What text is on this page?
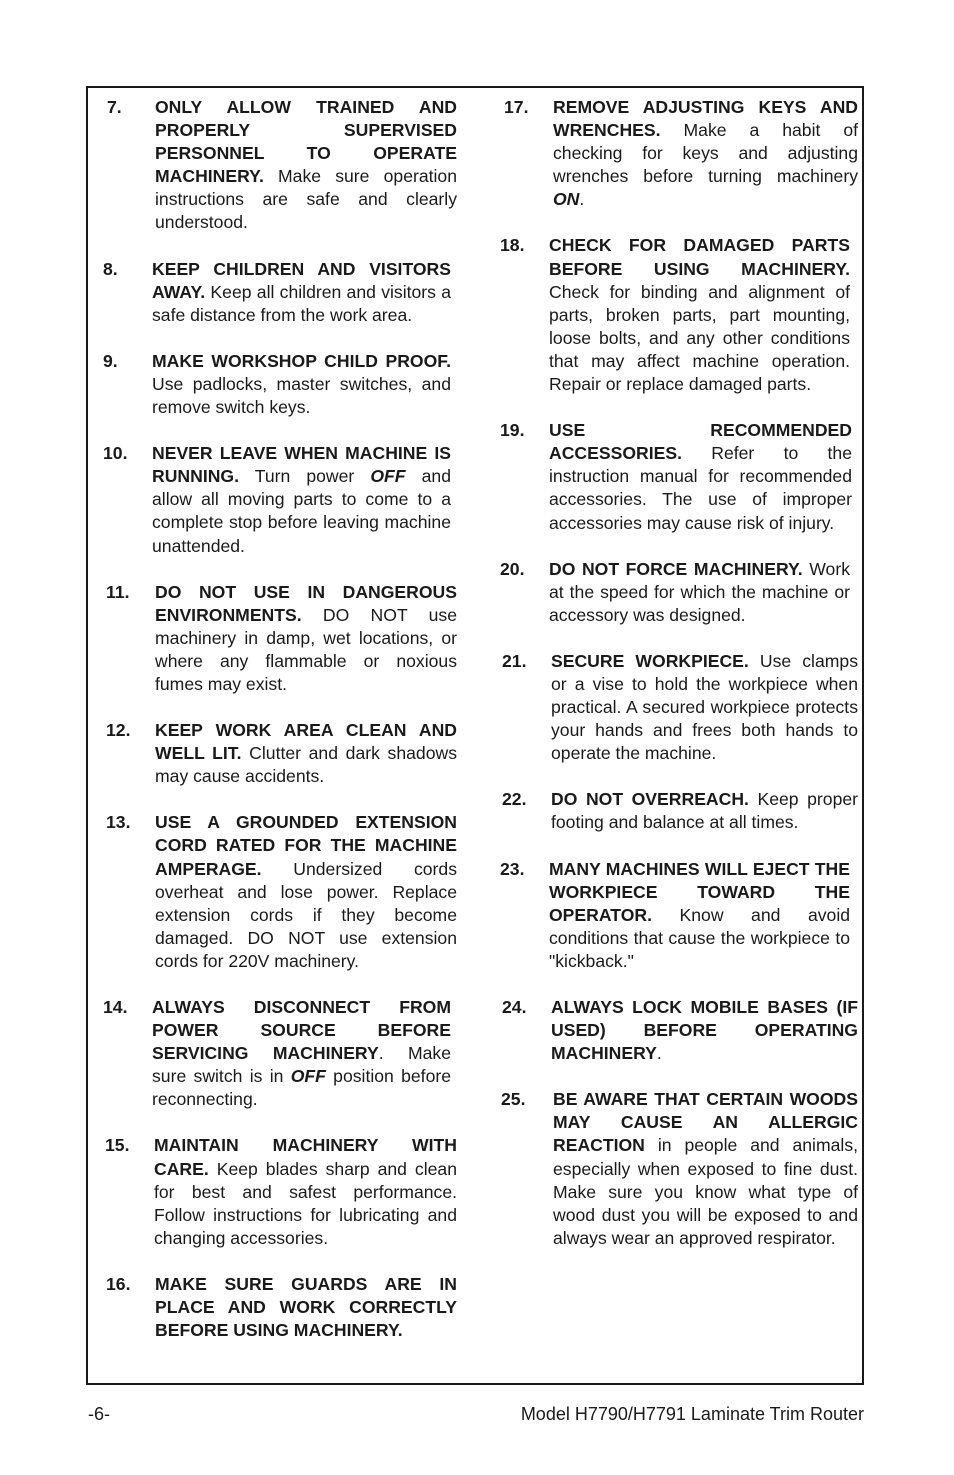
7. ONLY ALLOW TRAINED AND PROPERLY SUPERVISED PERSONNEL TO OPERATE MACHINERY. Make sure operation instructions are safe and clearly understood.
8. KEEP CHILDREN AND VISITORS AWAY. Keep all children and visitors a safe distance from the work area.
9. MAKE WORKSHOP CHILD PROOF. Use padlocks, master switches, and remove switch keys.
10. NEVER LEAVE WHEN MACHINE IS RUNNING. Turn power OFF and allow all moving parts to come to a complete stop before leaving machine unattended.
11. DO NOT USE IN DANGEROUS ENVIRONMENTS. DO NOT use machinery in damp, wet locations, or where any flammable or noxious fumes may exist.
12. KEEP WORK AREA CLEAN AND WELL LIT. Clutter and dark shadows may cause accidents.
13. USE A GROUNDED EXTENSION CORD RATED FOR THE MACHINE AMPERAGE. Undersized cords overheat and lose power. Replace extension cords if they become damaged. DO NOT use extension cords for 220V machinery.
14. ALWAYS DISCONNECT FROM POWER SOURCE BEFORE SERVICING MACHINERY. Make sure switch is in OFF position before reconnecting.
15. MAINTAIN MACHINERY WITH CARE. Keep blades sharp and clean for best and safest performance. Follow instructions for lubricating and changing accessories.
16. MAKE SURE GUARDS ARE IN PLACE AND WORK CORRECTLY BEFORE USING MACHINERY.
17. REMOVE ADJUSTING KEYS AND WRENCHES. Make a habit of checking for keys and adjusting wrenches before turning machinery ON.
18. CHECK FOR DAMAGED PARTS BEFORE USING MACHINERY. Check for binding and alignment of parts, broken parts, part mounting, loose bolts, and any other conditions that may affect machine operation. Repair or replace damaged parts.
19. USE RECOMMENDED ACCESSORIES. Refer to the instruction manual for recommended accessories. The use of improper accessories may cause risk of injury.
20. DO NOT FORCE MACHINERY. Work at the speed for which the machine or accessory was designed.
21. SECURE WORKPIECE. Use clamps or a vise to hold the workpiece when practical. A secured workpiece protects your hands and frees both hands to operate the machine.
22. DO NOT OVERREACH. Keep proper footing and balance at all times.
23. MANY MACHINES WILL EJECT THE WORKPIECE TOWARD THE OPERATOR. Know and avoid conditions that cause the workpiece to "kickback."
24. ALWAYS LOCK MOBILE BASES (IF USED) BEFORE OPERATING MACHINERY.
25. BE AWARE THAT CERTAIN WOODS MAY CAUSE AN ALLERGIC REACTION in people and animals, especially when exposed to fine dust. Make sure you know what type of wood dust you will be exposed to and always wear an approved respirator.
-6-	Model H7790/H7791 Laminate Trim Router
